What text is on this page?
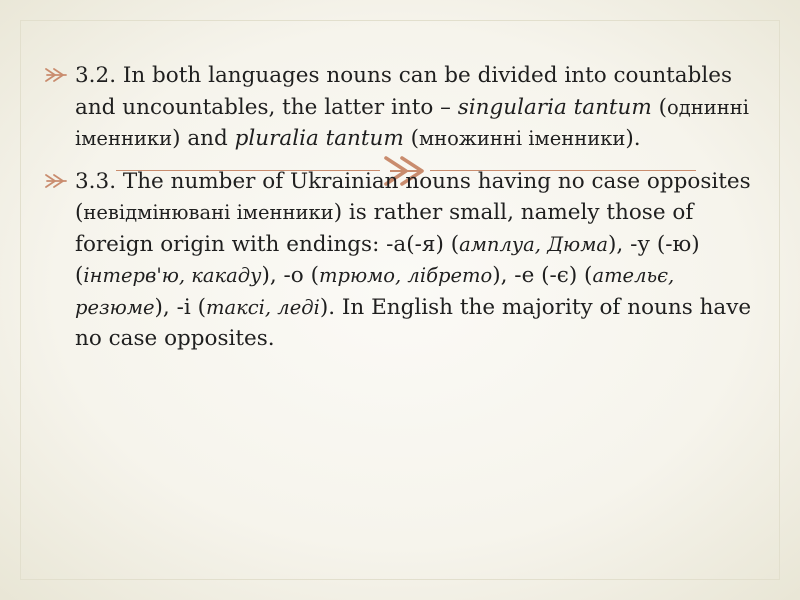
3.2. In both languages nouns can be divided into countables and uncountables, the latter into – singularia tantum (однинні іменники) and pluralia tantum (множинні іменники).
3.3. The number of Ukrainian nouns having no case opposites (невідмінювані іменники) is rather small, namely those of foreign origin with endings: -а(-я) (амплуа, Дюма), -у (-ю) (інтерв'ю, какаду), -о (трюмо, лібрето), -е (-є) (ательє, резюме), -і (таксі, леді). In English the majority of nouns have no case opposites.
